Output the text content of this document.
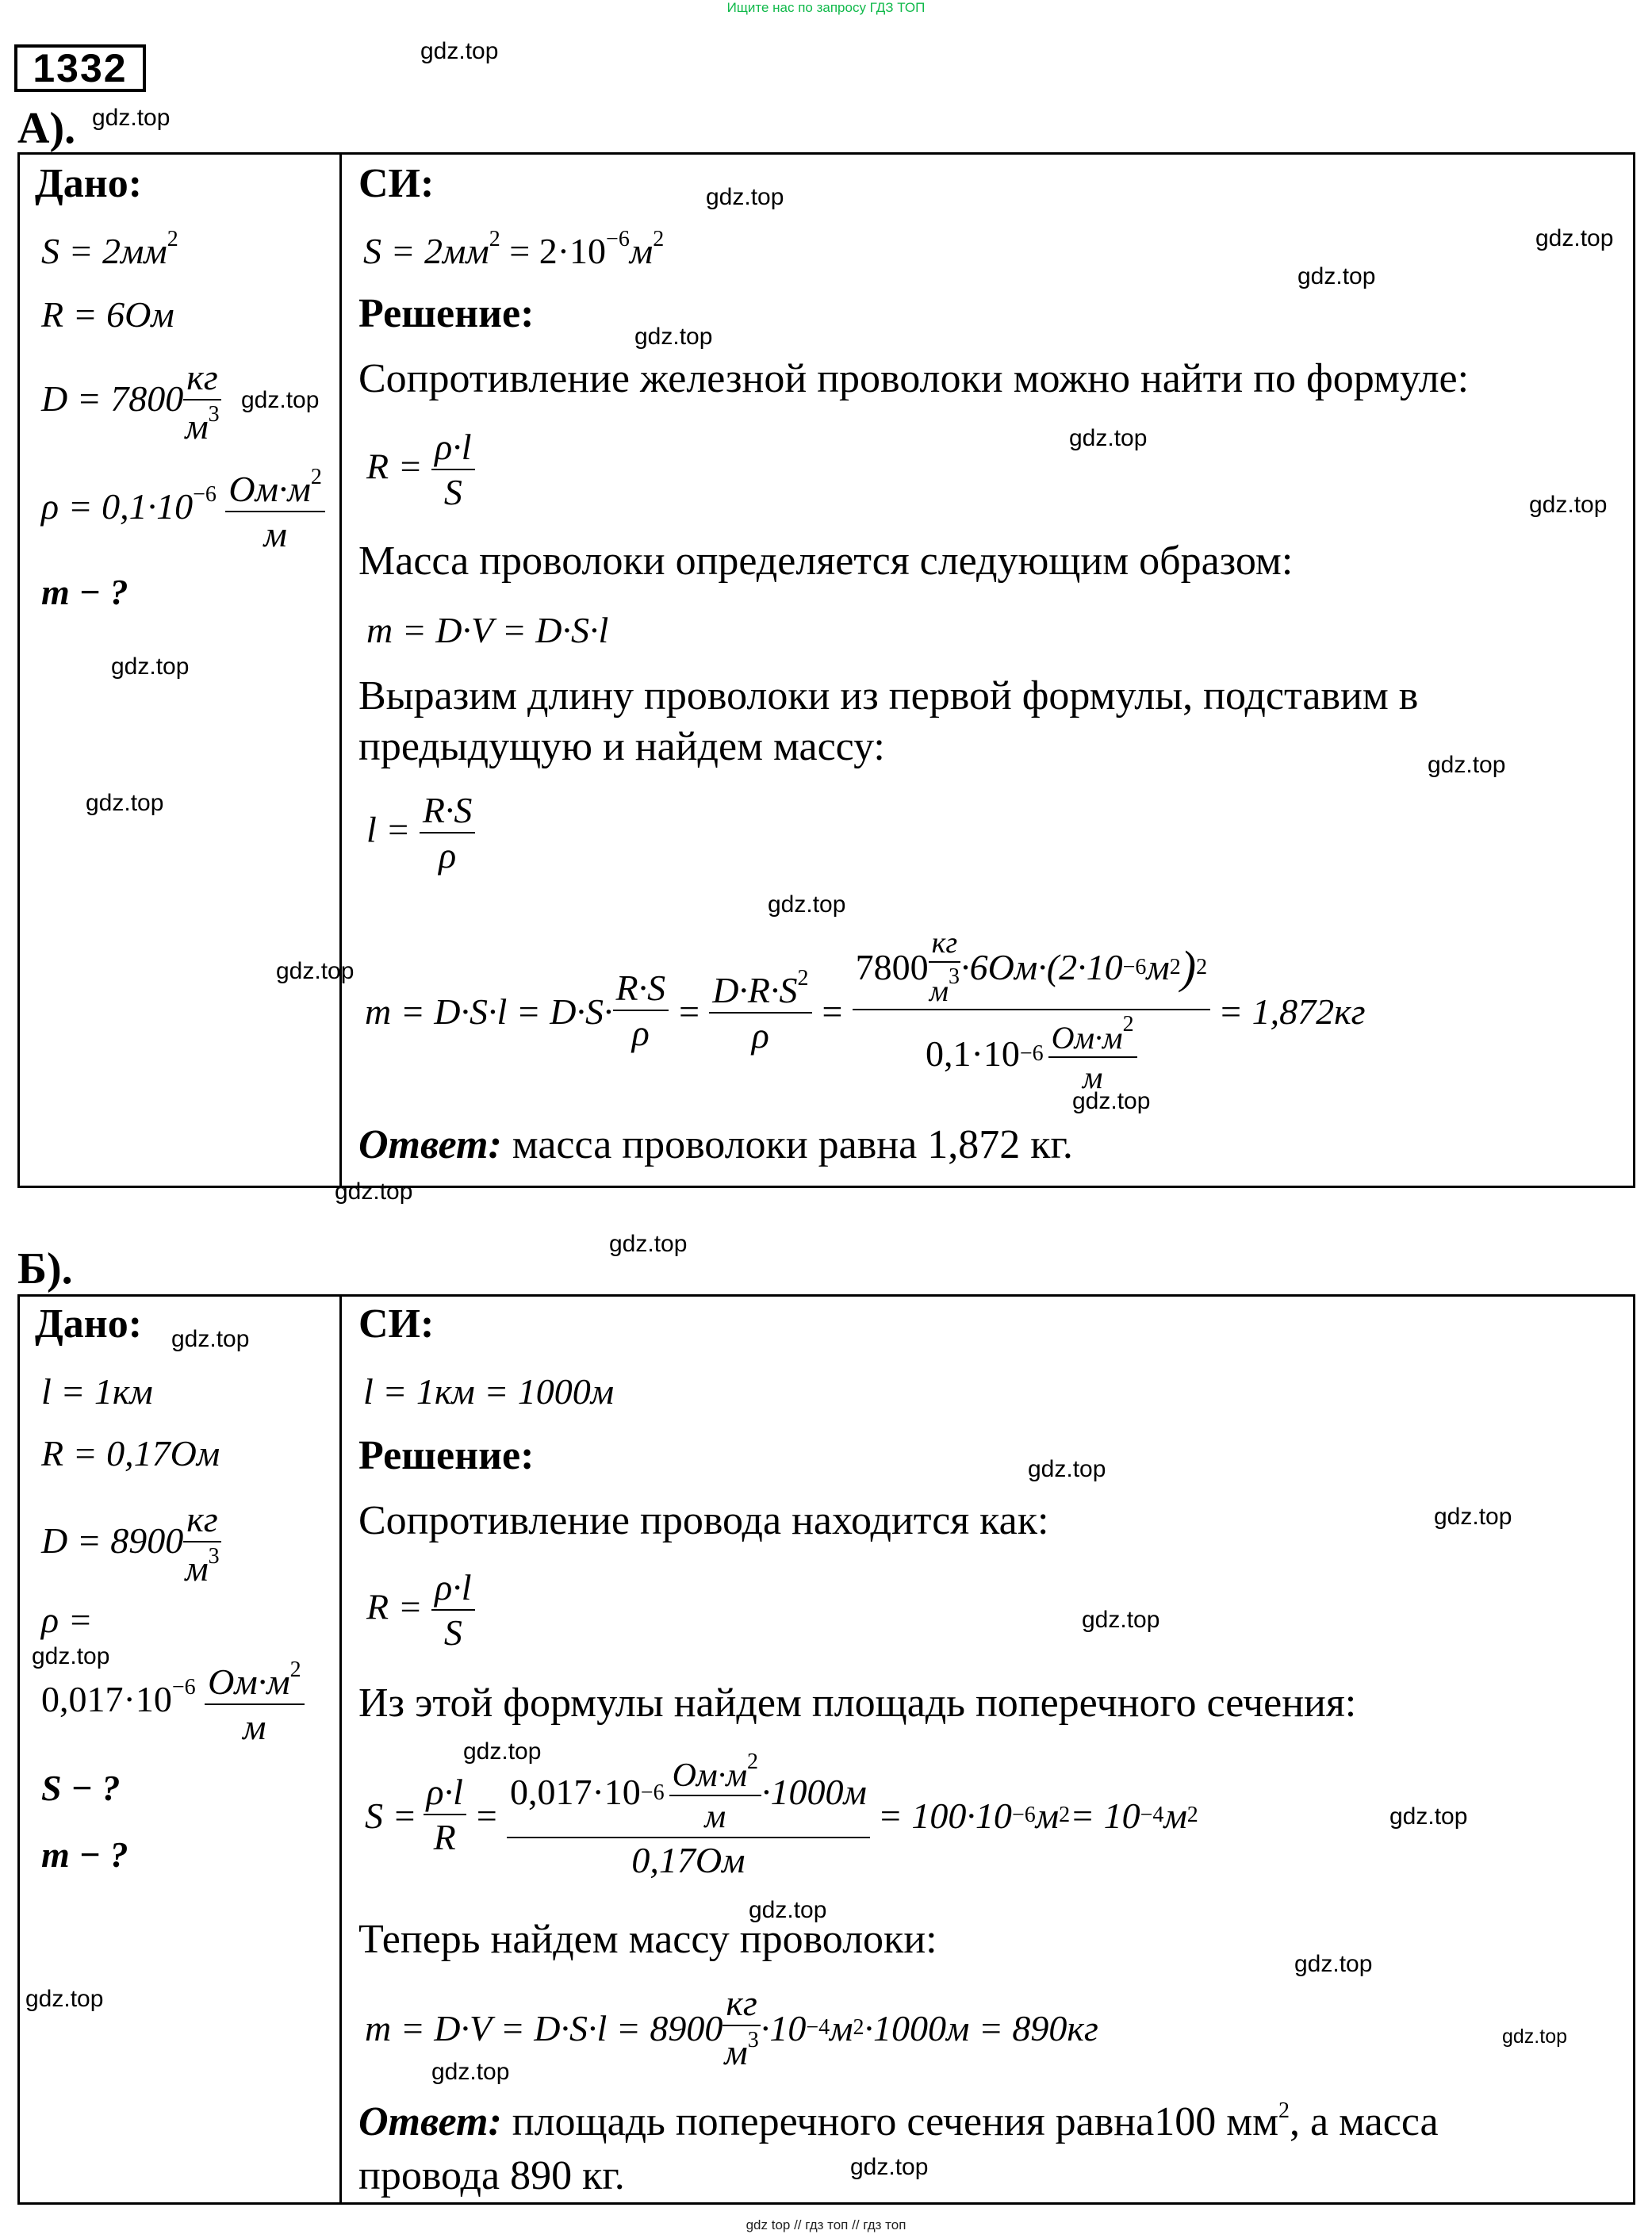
Ищите нас по запросу ГДЗ ТОП
1332
А).
Дано:
$S = 2мм^2$
R = 6Ом
$D = 7800 \frac{кг}{м^3}$
$\rho = 0,1\cdot 10^{-6} \frac{Ом\cdot м^2}{м}$
m − ?
СИ:
$S = 2мм^2 = 2\cdot 10^{-6}м^2$
Решение:
Сопротивление железной проволоки можно найти по формуле:
$R = \frac{\rho\cdot l}{S}$
Масса проволоки определяется следующим образом:
m = D·V = D·S·l
Выразим длину проволоки из первой формулы, подставим в
предыдущую и найдем массу:
$l = \frac{R\cdot S}{\rho}$
$m = D\cdot S\cdot l = D\cdot S\cdot \frac{R\cdot S}{\rho} = \frac{D\cdot R\cdot S^2}{\rho} = \frac{7800 \frac{кг}{м^3} \cdot 6Ом\cdot(2\cdot 10 -6 м 2 ) 2}{0,1\cdot 10 -6 \frac{Ом\cdot м^2}{м}} = 1,872кг$
Ответ: масса проволоки равна 1,872 кг.
Б).
Дано:
l = 1км
R = 0,17Ом
$D = 8900 \frac{кг}{м^3}$
ρ =
$0,017\cdot 10^{-6} \frac{Ом\cdot м^2}{м}$
S − ?
m − ?
СИ:
l = 1км = 1000м
Решение:
Сопротивление провода находится как:
$R = \frac{\rho\cdot l}{S}$
Из этой формулы найдем площадь поперечного сечения:
$S = \frac{\rho\cdot l}{R} = \frac{0,017\cdot 10 -6 \frac{Ом\cdot м^2}{м} \cdot 1000м}{0,17Ом} = 100\cdot 10 -6$ м 2 = 10 −4 м 2
Теперь найдем массу проволоки:
$m = D\cdot V = D\cdot S\cdot l = 8900 \frac{кг}{м^3} \cdot 10 -4$ м 2 ·1000м = 890кг
Ответ: площадь поперечного сечения равна100 $мм^2$, а масса
провода 890 кг.
gdz.top
gdz.top
gdz.top
gdz.top
gdz.top
gdz.top
gdz.top
gdz.top
gdz.top
gdz.top
gdz.top
gdz.top
gdz.top
gdz.top
gdz.top
gdz.top
gdz.top
gdz.top
gdz.top
gdz.top
gdz.top
gdz.top
gdz.top
gdz.top
gdz.top
gdz.top
gdz.top
gdz.top
gdz.top
gdz.top
gdz top // гдз топ // гдз топ
